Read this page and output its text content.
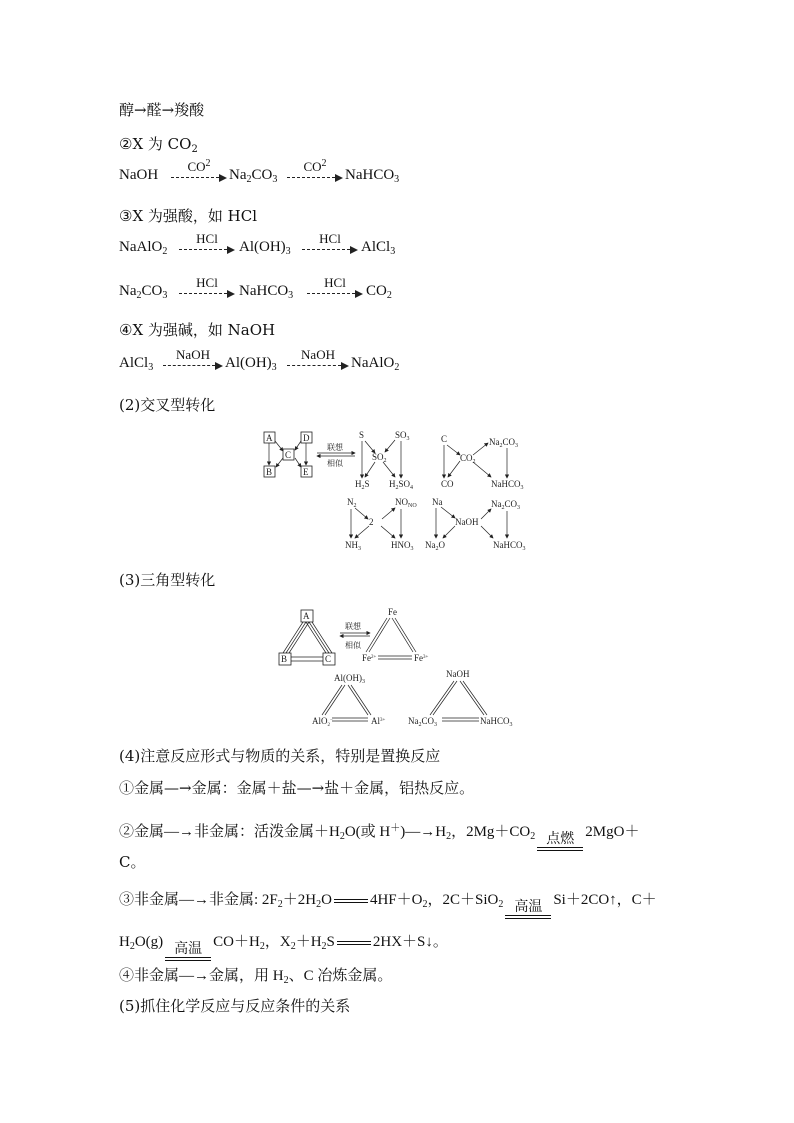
醇→醛→羧酸
②X 为 $CO_2$
NaOH
$CO^2$
$Na_2CO_3$
$CO^2$
NaHCO$_3$
③X 为强酸，如 HCl
NaAlO$_2$
HCl
$Al(OH)_3$
HCl
AlCl$_3$
$Na_2CO_3$
HCl
NaHCO$_3$
HCl
$CO_2$
④X 为强碱，如 NaOH
AlCl$_3$
NaOH
$Al(OH)_3$
NaOH
NaAlO$_2$
(2)交叉型转化
A
B
C
D
E
联想
相似
S	$SO_3$
$SO_2$
$H_2S$ $H_2SO_4$
C
$CO_2$
$Na_2CO_3$
CO	NaHCO$_3$
$N_2$	$NO_{NO}$
2
$NH_3$	$HNO_3$
Na
NaOH
$Na_2CO_3$
$Na_2O$	NaHCO$_3$
(3)三角型转化
A
B	C
联想
相似
Fe
$Fe^{2+}$	$Fe^{3+}$
$Al(OH)_3$
AlO$_2$−	$Al^{3+}$
NaOH
$Na_2CO_3$	NaHCO$_3$
(4)注意反应形式与物质的关系，特别是置换反应
①金属—→金属：金属＋盐—→盐＋金属，铝热反应。
②金属—→非金属：活泼金属$+H_2O$(或 $H^+)—\to H_2$，$2Mg+CO_2$ 点燃 2MgO＋
C。
③非金属—→非金属: $2F_2+2H_2O$	$4HF+O_2$，2C＋SiO$_2$ 高温 Si＋2CO↑，C＋
$H_2O(g)$ 高温 $CO+H_2$，$X_2+H_2S$	2HX＋S↓。
④非金属—→金属，用 $H_2$、C 冶炼金属。
(5)抓住化学反应与反应条件的关系
